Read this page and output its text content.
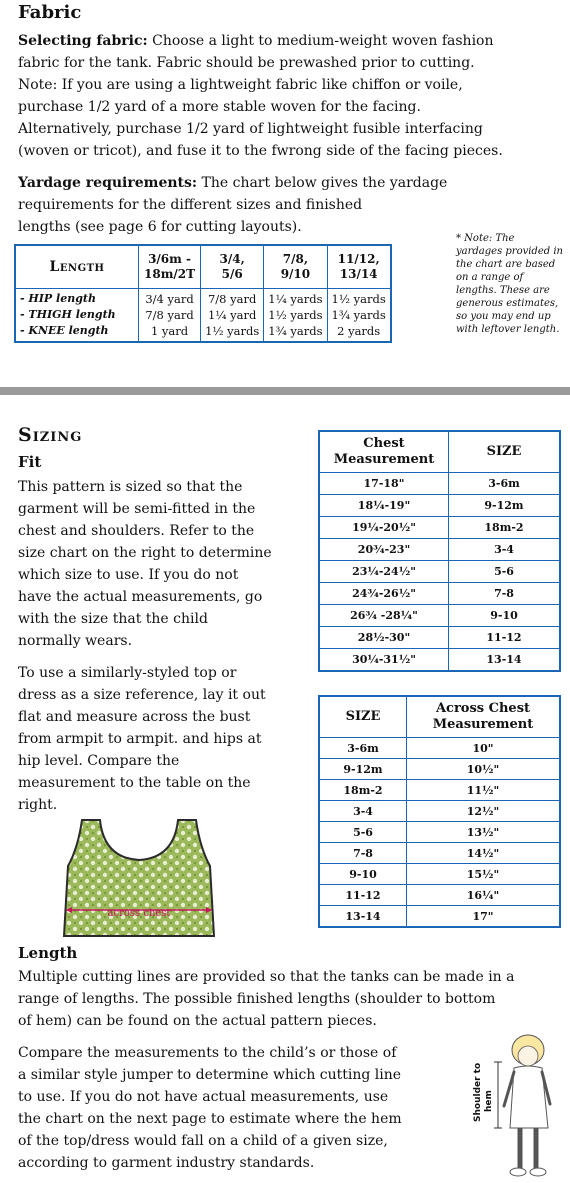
Fabric

Selecting fabric: Choose a light to medium-weight woven fashion
fabric for the tank. Fabric should be prewashed prior to cutting.
Note: If you are using a lightweight fabric like chiffon or voile,
purchase 1/2 yard of a more stable woven for the facing.
Alternatively, purchase 1/2 yard of lightweight fusible interfacing
(woven or tricot), and fuse it to the fwrong side of the facing pieces.

Yardage requirements: The chart below gives the yardage
requirements for the different sizes and finished
lengths (see page 6 for cutting layouts).

Length	3/6m -
18m/2T	3/4,
5/6	7/8,
9/10	11/12,
13/14

- HIP length
- THIGH length
- KNEE length	3/4 yard
7/8 yard
1 yard	7/8 yard
1¼ yard
1½ yards	1¼ yards
1½ yards
1¾ yards	1½ yards
1¾ yards
2 yards
* Note: The
yardages provided in
the chart are based
on a range of
lengths. These are
generous estimates,
so you may end up
with leftover length.
Sizing
Fit

This pattern is sized so that the
garment will be semi-fitted in the
chest and shoulders. Refer to the
size chart on the right to determine
which size to use. If you do not
have the actual measurements, go
with the size that the child
normally wears.

To use a similarly-styled top or
dress as a size reference, lay it out
flat and measure across the bust
from armpit to armpit. and hips at
hip level. Compare the
measurement to the table on the
right.

Chest
Measurement	SIZE
17-18"	3-6m
18¼-19"	9-12m
19¼-20½"	18m-2
20¾-23"	3-4
23¼-24½"	5-6
24¾-26½"	7-8
26¾ -28¼"	9-10
28½-30"	11-12
30¼-31½"	13-14
SIZE	Across Chest
Measurement

3-6m	10"
9-12m	10½"
18m-2	11½"
3-4	12½"
5-6	13½"
7-8	14½"
9-10	15½"
11-12	16¼"
13-14	17"
across chest
Length

Multiple cutting lines are provided so that the tanks can be made in a
range of lengths. The possible finished lengths (shoulder to bottom
of hem) can be found on the actual pattern pieces.

Compare the measurements to the child’s or those of
a similar style jumper to determine which cutting line
to use. If you do not have actual measurements, use
the chart on the next page to estimate where the hem
of the top/dress would fall on a child of a given size,
according to garment industry standards.

Shoulder to hem
